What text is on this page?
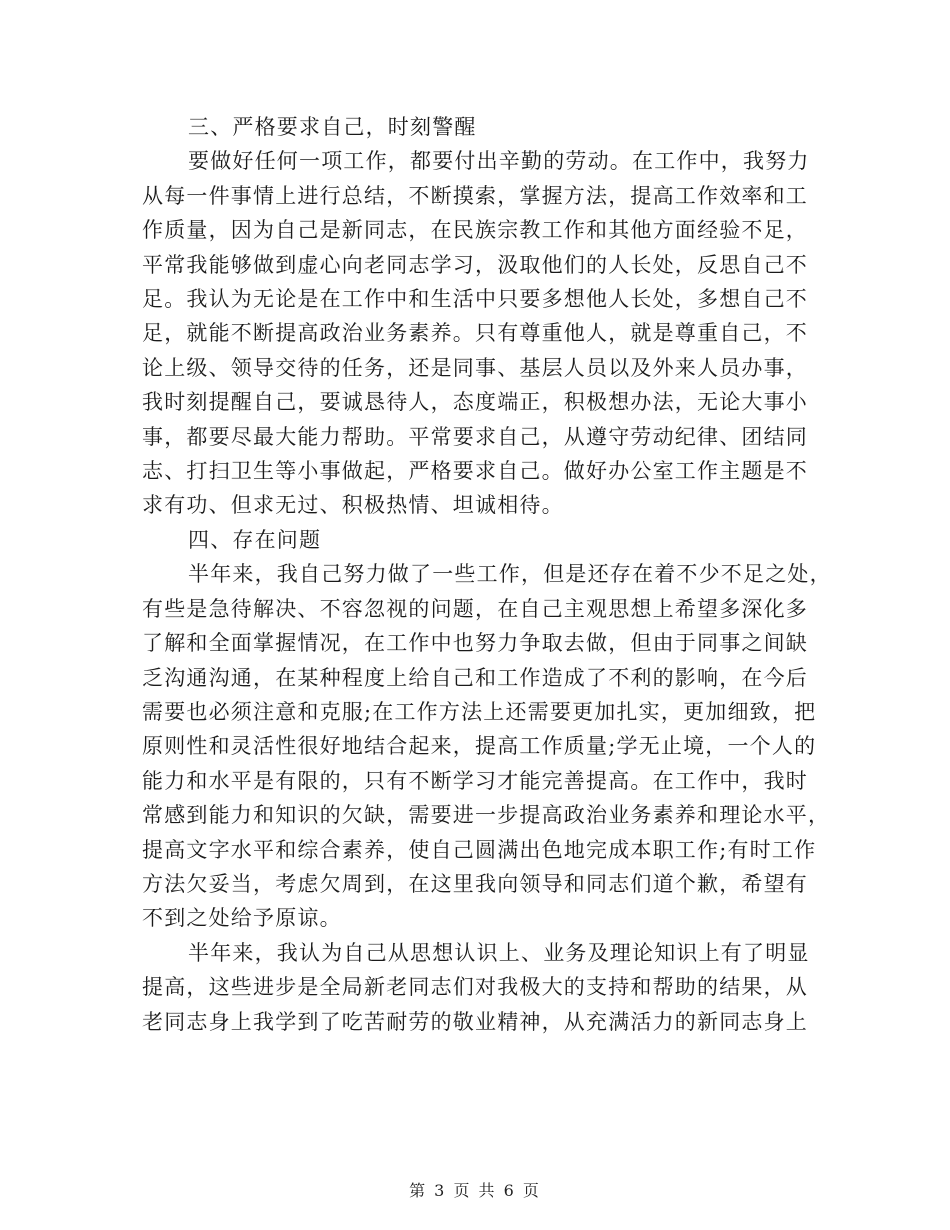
三、严格要求自己，时刻警醒
要做好任何一项工作，都要付出辛勤的劳动。在工作中，我努力
从每一件事情上进行总结，不断摸索，掌握方法，提高工作效率和工
作质量，因为自己是新同志，在民族宗教工作和其他方面经验不足，
平常我能够做到虚心向老同志学习，汲取他们的人长处，反思自己不
足。我认为无论是在工作中和生活中只要多想他人长处，多想自己不
足，就能不断提高政治业务素养。只有尊重他人，就是尊重自己，不
论上级、领导交待的任务，还是同事、基层人员以及外来人员办事，
我时刻提醒自己，要诚恳待人，态度端正，积极想办法，无论大事小
事，都要尽最大能力帮助。平常要求自己，从遵守劳动纪律、团结同
志、打扫卫生等小事做起，严格要求自己。做好办公室工作主题是不
求有功、但求无过、积极热情、坦诚相待。
四、存在问题
半年来，我自己努力做了一些工作，但是还存在着不少不足之处，
有些是急待解决、不容忽视的问题，在自己主观思想上希望多深化多
了解和全面掌握情况，在工作中也努力争取去做，但由于同事之间缺
乏沟通沟通，在某种程度上给自己和工作造成了不利的影响，在今后
需要也必须注意和克服;在工作方法上还需要更加扎实，更加细致，把
原则性和灵活性很好地结合起来，提高工作质量;学无止境，一个人的
能力和水平是有限的，只有不断学习才能完善提高。在工作中，我时
常感到能力和知识的欠缺，需要进一步提高政治业务素养和理论水平，
提高文字水平和综合素养，使自己圆满出色地完成本职工作;有时工作
方法欠妥当，考虑欠周到，在这里我向领导和同志们道个歉，希望有
不到之处给予原谅。
半年来，我认为自己从思想认识上、业务及理论知识上有了明显
提高，这些进步是全局新老同志们对我极大的支持和帮助的结果，从
老同志身上我学到了吃苦耐劳的敬业精神，从充满活力的新同志身上
第 3 页 共 6 页
